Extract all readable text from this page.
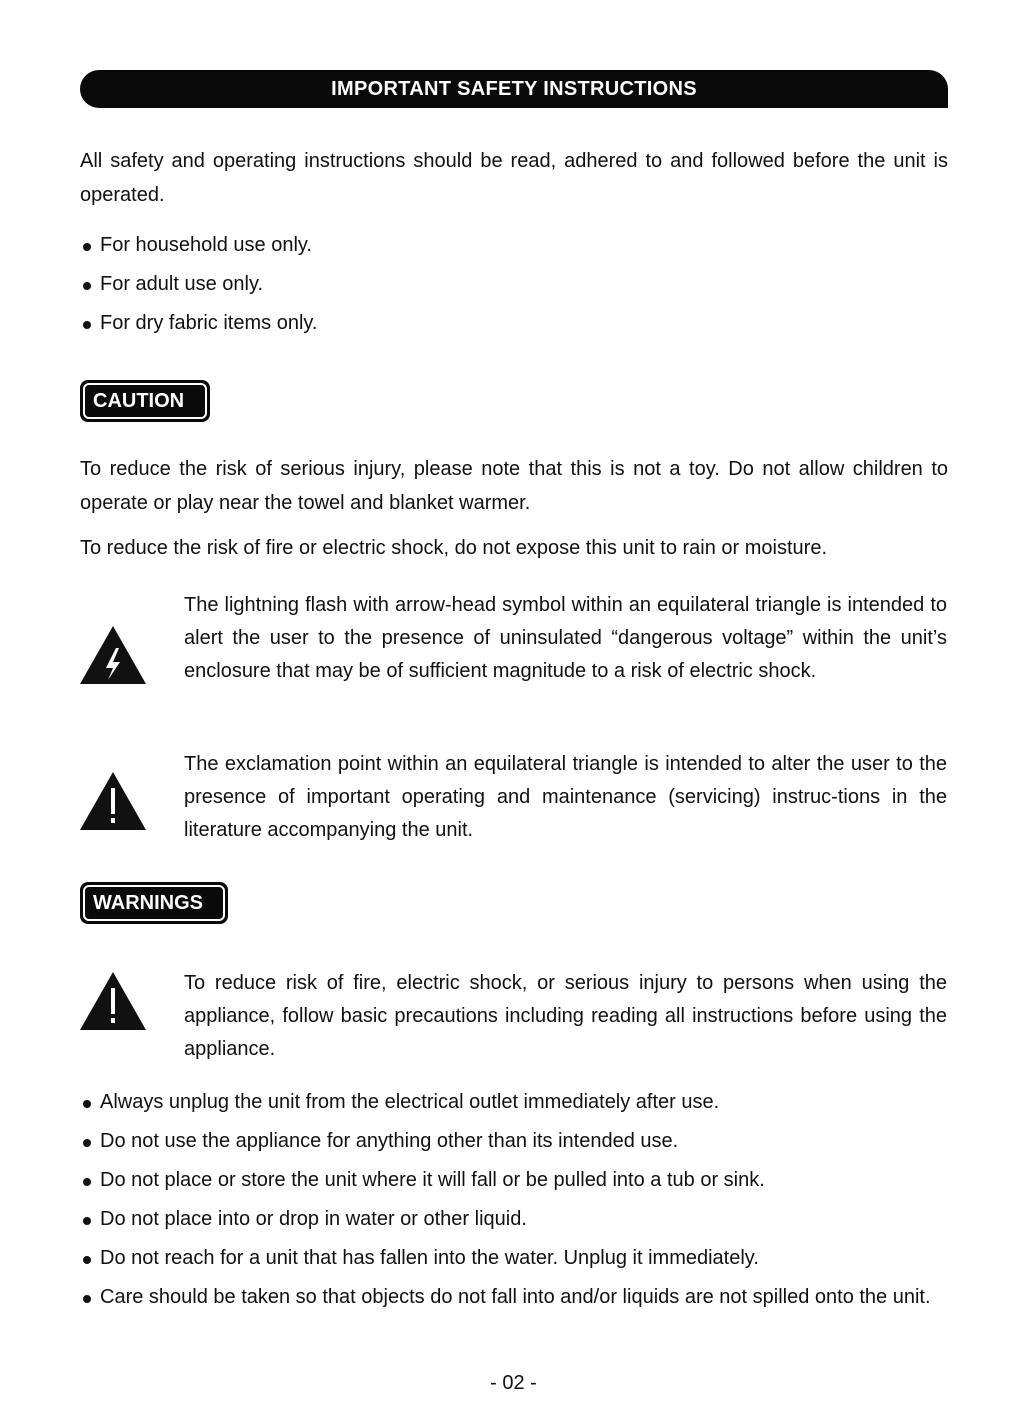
IMPORTANT SAFETY INSTRUCTIONS

All safety and operating instructions should be read, adhered to and followed before the unit is operated.

For household use only.
For adult use only.
For dry fabric items only.
CAUTION

To reduce the risk of serious injury, please note that this is not a toy. Do not allow children to operate or play near the towel and blanket warmer.

To reduce the risk of fire or electric shock, do not expose this unit to rain or moisture.

The lightning flash with arrow-head symbol within an equilateral triangle is intended to alert the user to the presence of uninsulated “dangerous voltage” within the unit’s enclosure that may be of sufficient magnitude to a risk of electric shock.

The exclamation point within an equilateral triangle is intended to alter the user to the presence of important operating and maintenance (servicing) instruc-tions in the literature accompanying the unit.

WARNINGS

To reduce risk of fire, electric shock, or serious injury to persons when using the appliance, follow basic precautions including reading all instructions before using the appliance.

Always unplug the unit from the electrical outlet immediately after use.
Do not use the appliance for anything other than its intended use.
Do not place or store the unit where it will fall or be pulled into a tub or sink.
Do not place into or drop in water or other liquid.
Do not reach for a unit that has fallen into the water. Unplug it immediately.
Care should be taken so that objects do not fall into and/or liquids are not spilled onto the unit.
- 02 -
